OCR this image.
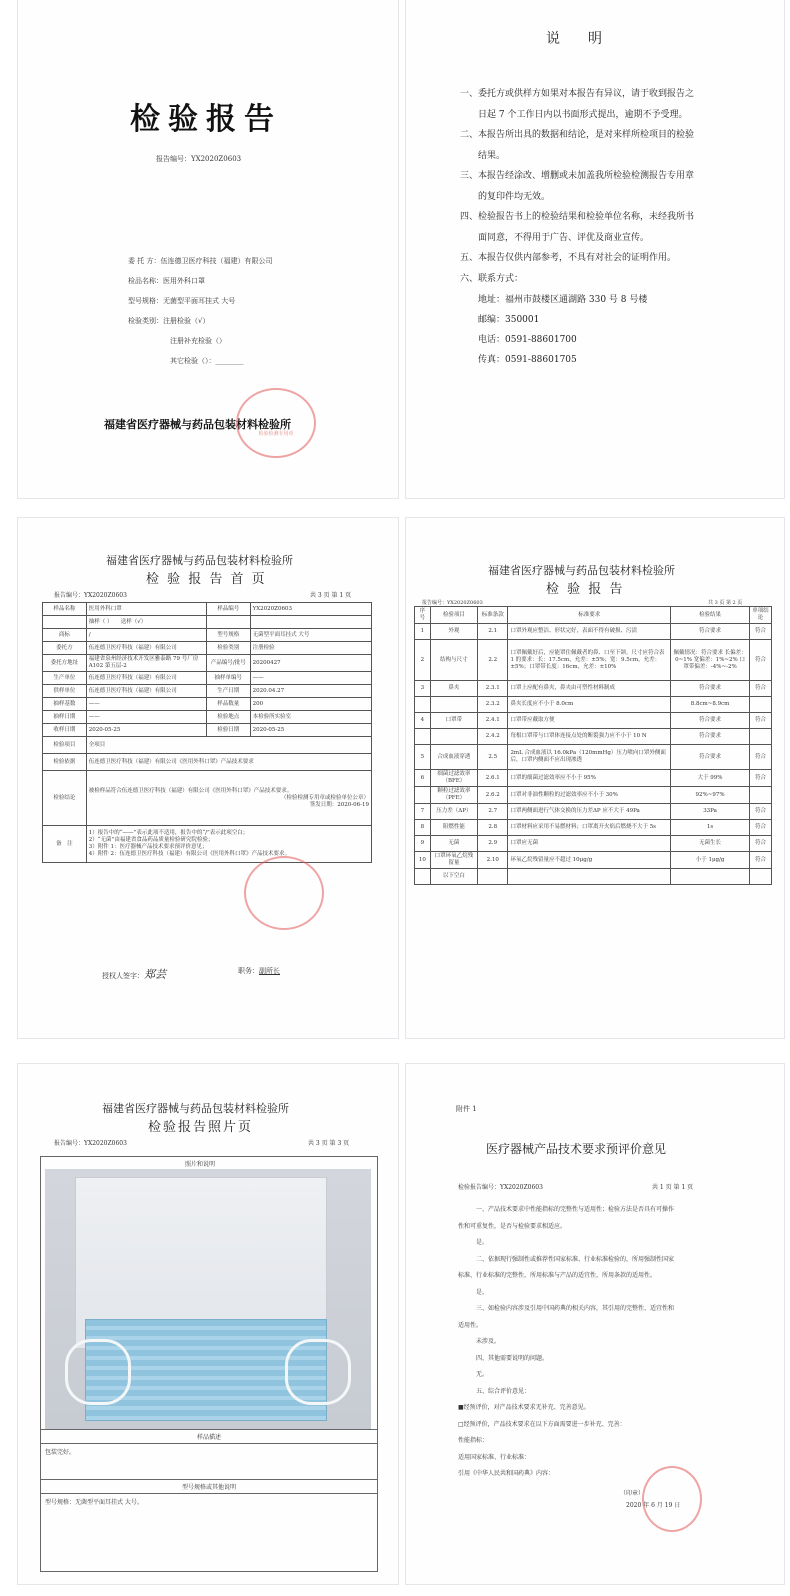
检验报告
报告编号：YX2020Z0603
委 托 方：伍连德卫医疗科技（福建）有限公司
检品名称：医用外科口罩
型号规格：无菌型平面耳挂式 大号
检验类别：注册检验（√）
注册补充检验（）
其它检验（）：________
福建省医疗器械与药品包装材料检验所
检验检测专用章
说　　明
一、委托方或供样方如果对本报告有异议，请于收到报告之
日起 7 个工作日内以书面形式提出，逾期不予受理。
二、本报告所出具的数据和结论，是对来样所检项目的检验
结果。
三、本报告经涂改、增删或未加盖我所检验检测报告专用章
的复印件均无效。
四、检验报告书上的检验结果和检验单位名称，未经我所书
面同意，不得用于广告、评优及商业宣传。
五、本报告仅供内部参考，不具有对社会的证明作用。
六、联系方式：
地址：福州市鼓楼区通湖路 330 号 8 号楼
邮编：350001
电话：0591-88601700
传真：0591-88601705
福建省医疗器械与药品包装材料检验所
检 验 报 告 首 页
报告编号：YX2020Z0603	共 3 页 第 1 页
样品名称	医用外科口罩	样品编号	YX2020Z0603
	抽样（ ）　　送样（√）		
商标	/	型号规格	无菌型平面耳挂式 大号
委托方	伍连德卫医疗科技（福建）有限公司	检验类别	注册检验
委托方地址	福建省泉州经济技术开发区雅泰路 79 号厂房 A102 第五层-2	产品编号/批号	20200427
生产单位	伍连德卫医疗科技（福建）有限公司	抽样单编号	——
供样单位	伍连德卫医疗科技（福建）有限公司	生产日期	2020.04.27
抽样基数	——	样品数量	200
抽样日期	——	检验地点	本检验所实验室
收样日期	2020-05-25	检验日期	2020-05-25
检验项目	全项目		
检验依据	伍连德卫医疗科技（福建）有限公司《医用外科口罩》产品技术要求		
检验结论	被检样品符合伍连德卫医疗科技（福建）有限公司《医用外科口罩》产品技术要求。
（检验检测专用章或检验单位公章）
签发日期：2020-06-19		

备　注	1）报告中的“——”表示此项不适用，报告中的“/”表示此项空白；
2）“无菌”由福建省食品药品质量检验研究院检验；
3）附件 1：医疗器械产品技术要求预评价意见；
4）附件 2：伍连德卫医疗科技（福建）有限公司《医用外科口罩》产品技术要求。		
授权人签字：郑芸	职务：副所长
福建省医疗器械与药品包装材料检验所
检 验 报 告
报告编号：YX2020Z0603	共 3 页 第 2 页
序号	检验项目	标准条款	标准要求	检验结果	单项结论
1	外观	2.1	口罩外观应整洁、形状完好，表面不得有破损、污渍	符合要求	符合
2	结构与尺寸	2.2	口罩佩戴好后，应能罩住佩戴者的鼻、口至下颌。尺寸应符合表 1 的要求：长：17.5cm，允差：±5%；宽：9.5cm，允差：±5%；口罩带长度：16cm，允差：±10%	佩戴情况：符合要求 长偏差：0~1% 宽偏差：1%~2% 口罩带偏差：-4%~-2%	符合
3	鼻夹	2.3.1	口罩上应配有鼻夹，鼻夹由可塑性材料制成	符合要求	符合
		2.3.2	鼻夹长度应不小于 8.0cm	8.8cm~8.9cm	
4	口罩带	2.4.1	口罩带应戴取方便	符合要求	符合
		2.4.2	每根口罩带与口罩体连接点处的断裂强力应不小于 10 N	符合要求	
5	合成血液穿透	2.5	2mL 合成血液以 16.0kPa（120mmHg）压力喷向口罩外侧面后，口罩内侧面不应出现渗透	符合要求	符合
6	细菌过滤效率（BFE）	2.6.1	口罩的细菌过滤效率应不小于 95%	大于 99%	符合
	颗粒过滤效率（PFE）	2.6.2	口罩对非油性颗粒的过滤效率应不小于 30%	92%~97%	
7	压力差（ΔP）	2.7	口罩两侧面进行气体交换的压力差ΔP 应不大于 49Pa	33Pa	符合
8	阻燃性能	2.8	口罩材料应采用不易燃材料；口罩离开火焰后燃烧不大于 5s	1s	符合
9	无菌	2.9	口罩应无菌	无菌生长	符合
10	口罩环氧乙烷残留量	2.10	环氧乙烷残留量应不超过 10μg/g	小于 1μg/g	符合
	以下空白				
福建省医疗器械与药品包装材料检验所
检验报告照片页
报告编号：YX2020Z0603	共 3 页 第 3 页
照片和说明
样品描述
包装完好。
型号规格或其他说明
型号规格：无菌型平面耳挂式 大号。
附件 1
医疗器械产品技术要求预评价意见
检验报告编号：YX2020Z0603	共 1 页 第 1 页
一、产品技术要求中性能指标的完整性与适用性；检验方法是否具有可操作
性和可重复性，是否与检验要求相适应。
是。
二、依据现行强制性或推荐性国家标准、行业标准检验的，所用强制性国家
标准、行业标准的完整性，所用标准与产品的适宜性，所用条款的适用性。
是。
三、如检验内容涉及引用中国药典的相关内容，其引用的完整性、适宜性和
适用性。
未涉及。
四、其他需要说明的问题。
无。
五、综合评价意见：
■经预评价，对产品技术要求无补充、完善意见。
□经预评价，产品技术要求在以下方面需要进一步补充、完善：
性能指标：
适用国家标准、行业标准：
引用《中华人民共和国药典》内容：
（印章）
2020 年 6 月 19 日
